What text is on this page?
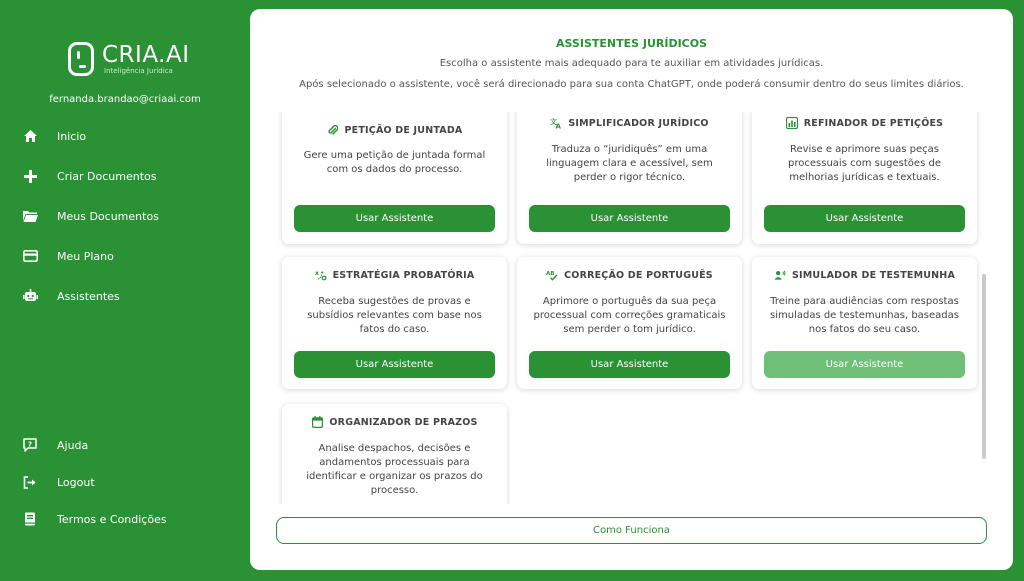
CRIA.AI
Inteligência Jurídica
fernanda.brandao@criaai.com
Inicio
Criar Documentos
Meus Documentos
Meu Plano
Assistentes
? Ajuda
Logout
Termos e Condições
ASSISTENTES JURÍDICOS
Escolha o assistente mais adequado para te auxiliar em atividades jurídicas.
Após selecionado o assistente, você será direcionado para sua conta ChatGPT, onde poderá consumir dentro do seus limites diários.
PETIÇÃO DE JUNTADA
Gere uma petição de juntada formal
com os dados do processo.
Usar Assistente
文
A SIMPLIFICADOR JURÍDICO
Traduza o “juridiquês” em uma
linguagem clara e acessível, sem
perder o rigor técnico.
Usar Assistente
REFINADOR DE PETIÇÕES
Revise e aprimore suas peças
processuais com sugestões de
melhorias jurídicas e textuais.
Usar Assistente
x ESTRATÉGIA PROBATÓRIA
Receba sugestões de provas e
subsídios relevantes com base nos
fatos do caso.
Usar Assistente
AB CORREÇÃO DE PORTUGUÊS
Aprimore o português da sua peça
processual com correções gramaticais
sem perder o tom jurídico.
Usar Assistente
SIMULADOR DE TESTEMUNHA
Treine para audiências com respostas
simuladas de testemunhas, baseadas
nos fatos do seu caso.
Usar Assistente
ORGANIZADOR DE PRAZOS
Analise despachos, decisões e
andamentos processuais para
identificar e organizar os prazos do
processo.
Como Funciona
